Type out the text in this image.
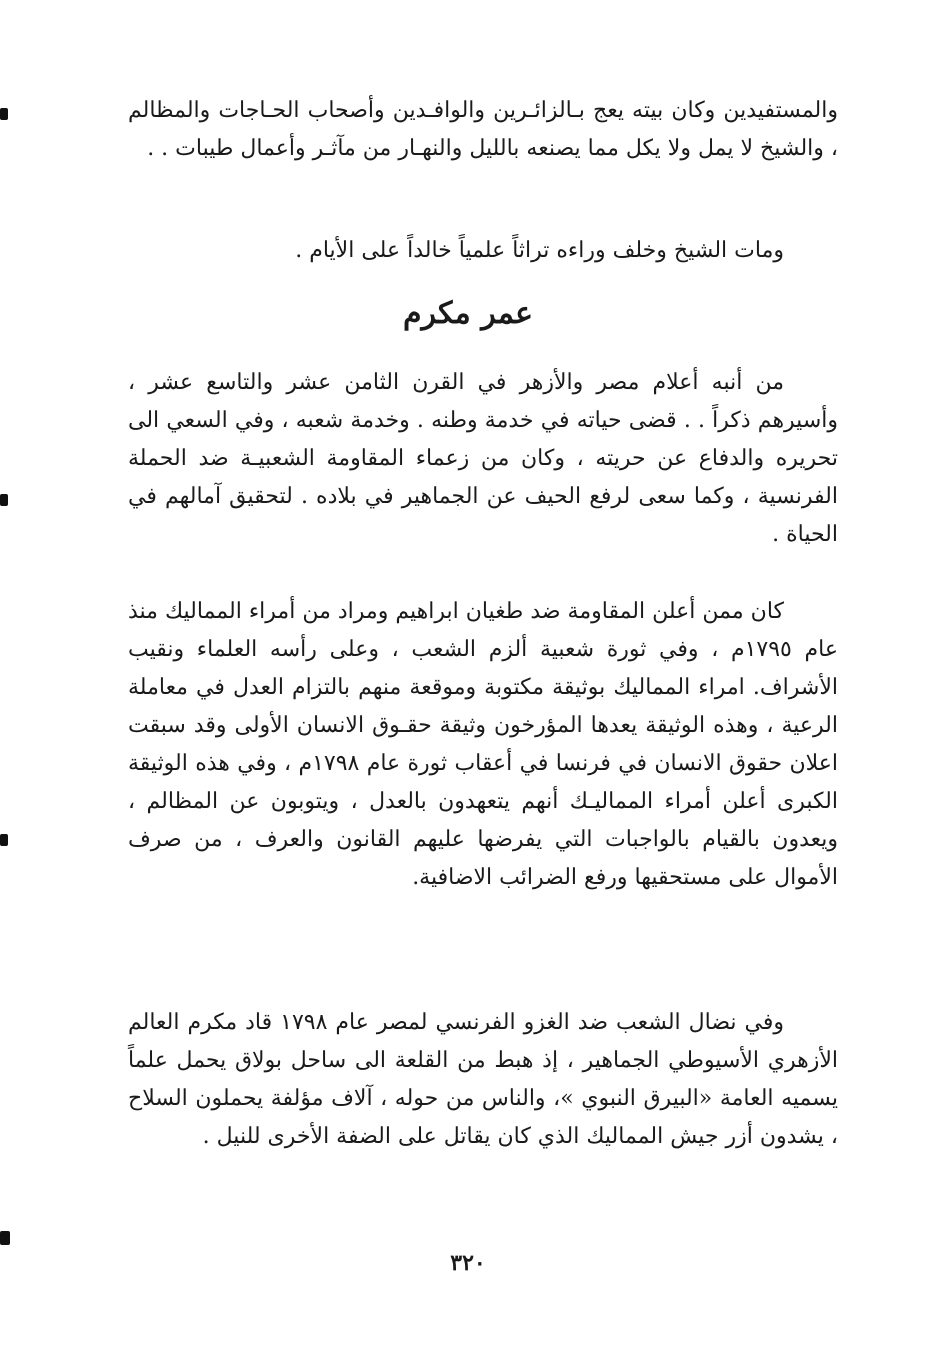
والمستفيدين وكان بيته يعج بـالزائـرين والوافـدين وأصحاب الحـاجات والمظالم ، والشيخ لا يمل ولا يكل مما يصنعه بالليل والنهـار من مآثـر وأعمال طيبات . .

ومات الشيخ وخلف وراءه تراثاً علمياً خالداً على الأيام .

عمر مكرم

من أنبه أعلام مصر والأزهر في القرن الثامن عشر والتاسع عشر ، وأسيرهم ذكراً . . قضى حياته في خدمة وطنه . وخدمة شعبه ، وفي السعي الى تحريره والدفاع عن حريته ، وكان من زعماء المقاومة الشعبيـة ضد الحملة الفرنسية ، وكما سعى لرفع الحيف عن الجماهير في بلاده . لتحقيق آمالهم في الحياة .

كان ممن أعلن المقاومة ضد طغيان ابراهيم ومراد من أمراء المماليك منذ عام ١٧٩٥م ، وفي ثورة شعبية ألزم الشعب ، وعلى رأسه العلماء ونقيب الأشراف. امراء المماليك بوثيقة مكتوبة وموقعة منهم بالتزام العدل في معاملة الرعية ، وهذه الوثيقة يعدها المؤرخون وثيقة حقـوق الانسان الأولى وقد سبقت اعلان حقوق الانسان في فرنسا في أعقاب ثورة عام ١٧٩٨م ، وفي هذه الوثيقة الكبرى أعلن أمراء المماليـك أنهم يتعهدون بالعدل ، ويتوبون عن المظالم ، ويعدون بالقيام بالواجبات التي يفرضها عليهم القانون والعرف ، من صرف الأموال على مستحقيها ورفع الضرائب الاضافية.

وفي نضال الشعب ضد الغزو الفرنسي لمصر عام ١٧٩٨ قاد مكرم العالم الأزهري الأسيوطي الجماهير ، إذ هبط من القلعة الى ساحل بولاق يحمل علماً يسميه العامة «البيرق النبوي »، والناس من حوله ، آلاف مؤلفة يحملون السلاح ، يشدون أزر جيش المماليك الذي كان يقاتل على الضفة الأخرى للنيل .

٣٢٠
